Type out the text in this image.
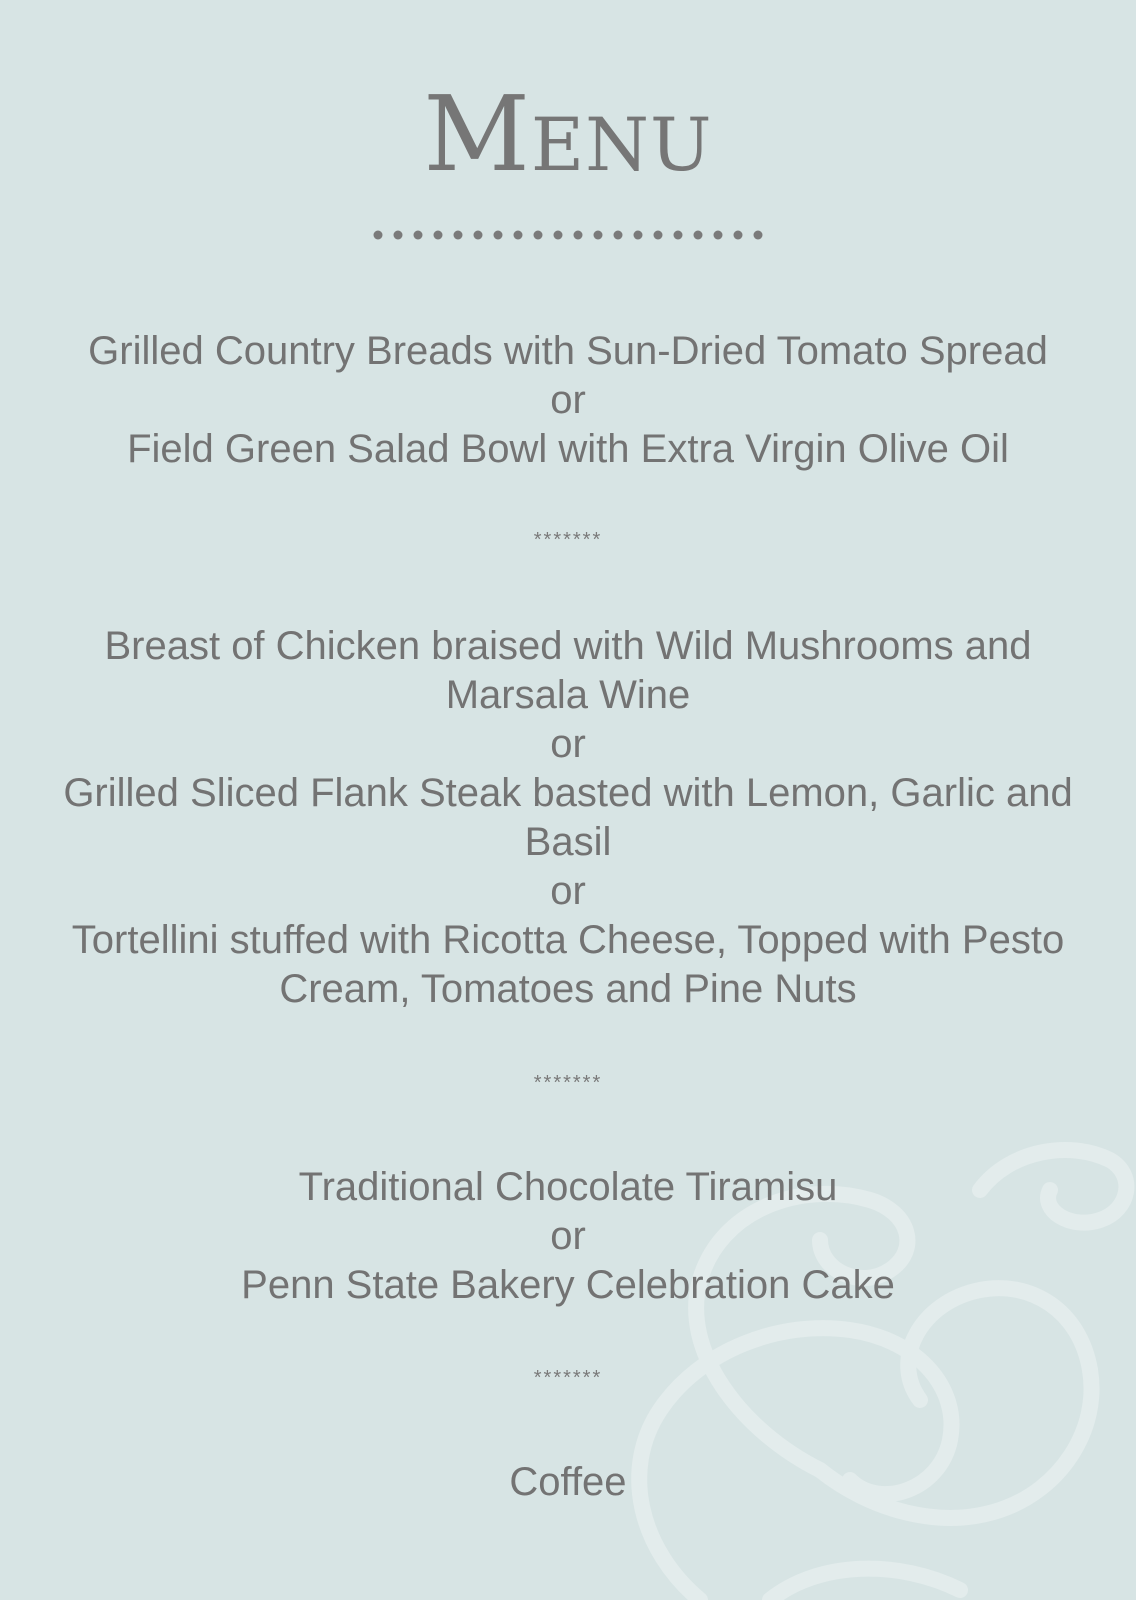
Menu
Grilled Country Breads with Sun-Dried Tomato Spread
or
Field Green Salad Bowl with Extra Virgin Olive Oil
*******
Breast of Chicken braised with Wild Mushrooms and
Marsala Wine
or
Grilled Sliced Flank Steak basted with Lemon, Garlic and
Basil
or
Tortellini stuffed with Ricotta Cheese, Topped with Pesto
Cream, Tomatoes and Pine Nuts
*******
Traditional Chocolate Tiramisu
or
Penn State Bakery Celebration Cake
*******
Coffee
